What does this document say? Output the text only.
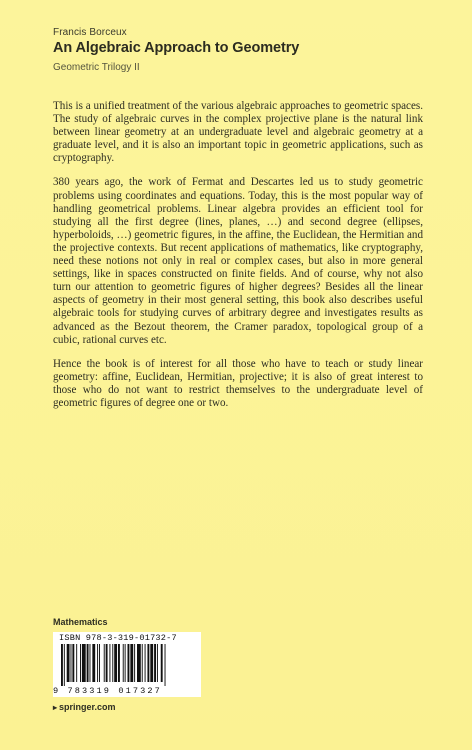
Francis Borceux
An Algebraic Approach to Geometry
Geometric Trilogy II

This is a unified treatment of the various algebraic approaches to geometric spaces. The study of algebraic curves in the complex projective plane is the natural link between linear geometry at an undergraduate level and algebraic geometry at a graduate level, and it is also an important topic in geometric applications, such as cryptography.

380 years ago, the work of Fermat and Descartes led us to study geometric problems using coordinates and equations. Today, this is the most popular way of handling geometrical problems. Linear algebra provides an efficient tool for studying all the first degree (lines, planes, …) and second degree (ellipses, hyperboloids, …) geometric figures, in the affine, the Euclidean, the Hermitian and the projective contexts. But recent applications of mathematics, like cryptography, need these notions not only in real or complex cases, but also in more general settings, like in spaces constructed on finite fields. And of course, why not also turn our attention to geometric figures of higher degrees? Besides all the linear aspects of geometry in their most general setting, this book also describes useful algebraic tools for studying curves of arbitrary degree and investigates results as advanced as the Bezout theorem, the Cramer paradox, topological group of a cubic, rational curves etc.

Hence the book is of interest for all those who have to teach or study linear geometry: affine, Euclidean, Hermitian, projective; it is also of great interest to those who do not want to restrict themselves to the undergraduate level of geometric figures of degree one or two.

Mathematics
ISBN 978-3-319-01732-7
9 783319 017327
▸ springer.com
